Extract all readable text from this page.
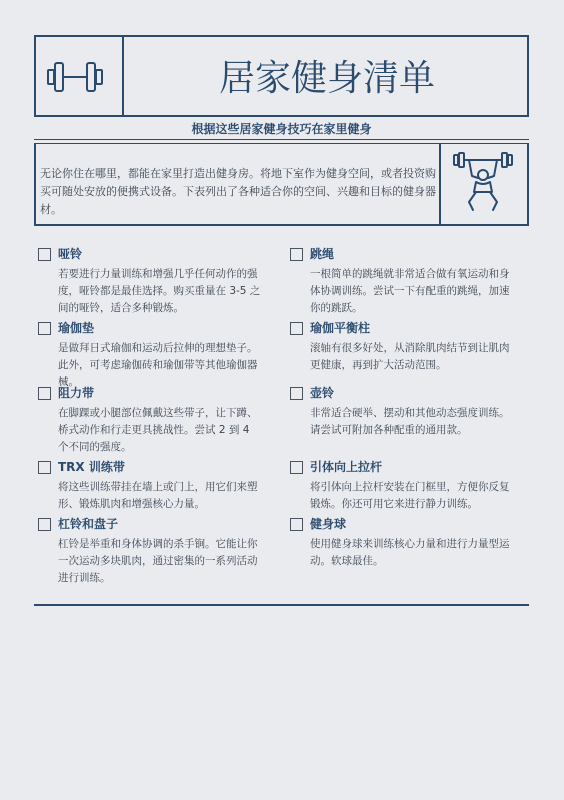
居家健身清单
根据这些居家健身技巧在家里健身
无论你住在哪里，都能在家里打造出健身房。将地下室作为健身空间，或者投资购买可随处安放的便携式设备。下表列出了各种适合你的空间、兴趣和目标的健身器材。
哑铃
若要进行力量训练和增强几乎任何动作的强度，哑铃都是最佳选择。购买重量在 3-5 之间的哑铃，适合多种锻炼。
瑜伽垫
是做拜日式瑜伽和运动后拉伸的理想垫子。此外，可考虑瑜伽砖和瑜伽带等其他瑜伽器械。
阻力带
在脚踝或小腿部位佩戴这些带子，让下蹲、桥式动作和行走更具挑战性。尝试 2 到 4 个不同的强度。
TRX 训练带
将这些训练带挂在墙上或门上，用它们来塑形、锻炼肌肉和增强核心力量。
杠铃和盘子
杠铃是举重和身体协调的杀手锏。它能让你一次运动多块肌肉，通过密集的一系列活动进行训练。
跳绳
一根简单的跳绳就非常适合做有氧运动和身体协调训练。尝试一下有配重的跳绳，加速你的跳跃。
瑜伽平衡柱
滚轴有很多好处，从消除肌肉结节到让肌肉更健康，再到扩大活动范围。
壶铃
非常适合硬举、摆动和其他动态强度训练。请尝试可附加各种配重的通用款。
引体向上拉杆
将引体向上拉杆安装在门框里，方便你反复锻炼。你还可用它来进行静力训练。
健身球
使用健身球来训练核心力量和进行力量型运动。软球最佳。
